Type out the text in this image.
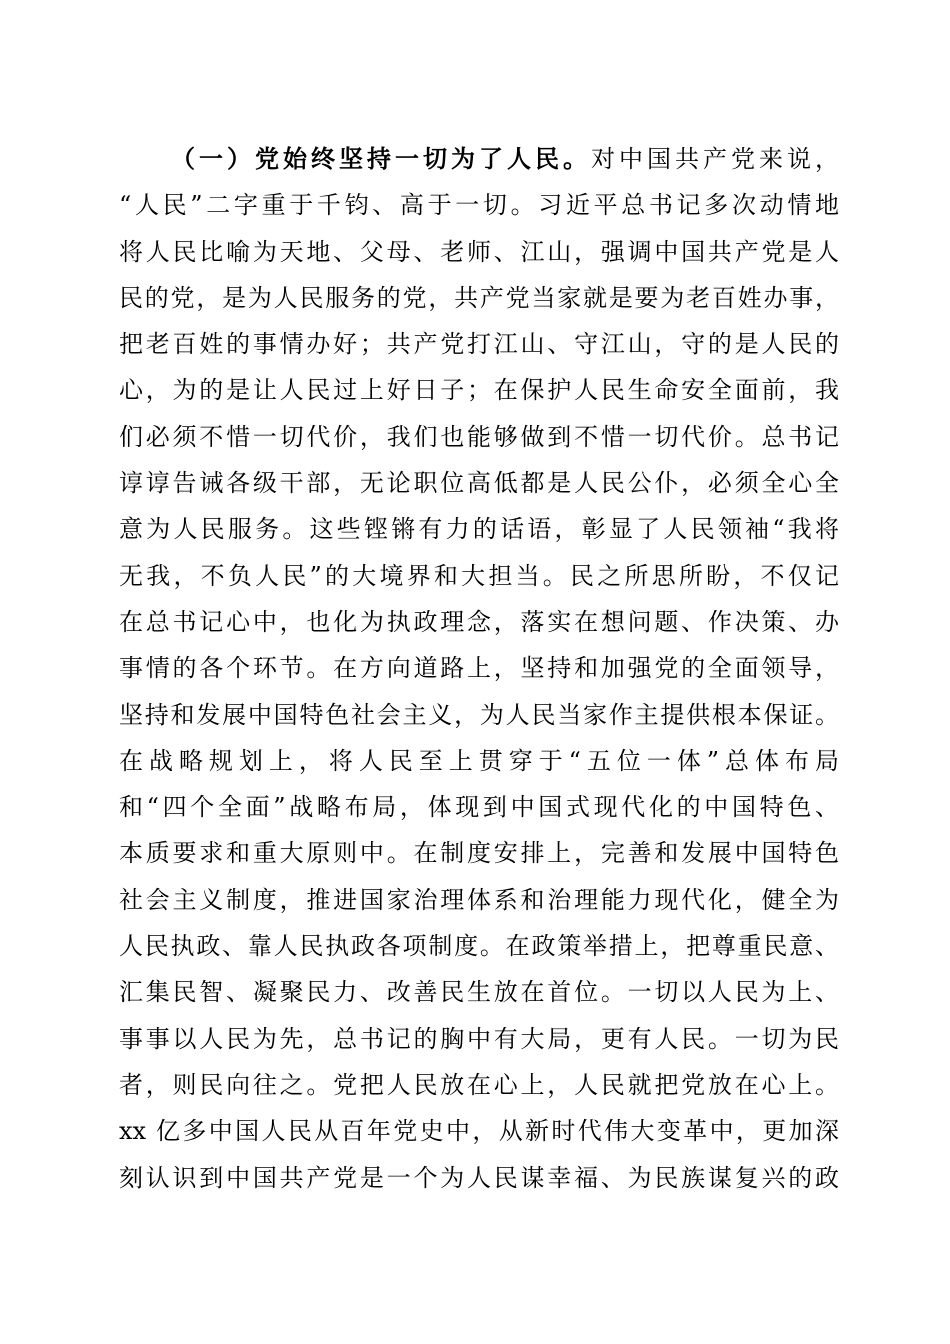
（一）党始终坚持一切为了人民。对中国共产党来说，
“人民”二字重于千钧、高于一切。习近平总书记多次动情地
将人民比喻为天地、父母、老师、江山，强调中国共产党是人
民的党，是为人民服务的党，共产党当家就是要为老百姓办事，
把老百姓的事情办好；共产党打江山、守江山，守的是人民的
心，为的是让人民过上好日子；在保护人民生命安全面前，我
们必须不惜一切代价，我们也能够做到不惜一切代价。总书记
谆谆告诫各级干部，无论职位高低都是人民公仆，必须全心全
意为人民服务。这些铿锵有力的话语，彰显了人民领袖“我将
无我，不负人民”的大境界和大担当。民之所思所盼，不仅记
在总书记心中，也化为执政理念，落实在想问题、作决策、办
事情的各个环节。在方向道路上，坚持和加强党的全面领导，
坚持和发展中国特色社会主义，为人民当家作主提供根本保证。
在战略规划上，将人民至上贯穿于“五位一体”总体布局
和“四个全面”战略布局，体现到中国式现代化的中国特色、
本质要求和重大原则中。在制度安排上，完善和发展中国特色
社会主义制度，推进国家治理体系和治理能力现代化，健全为
人民执政、靠人民执政各项制度。在政策举措上，把尊重民意、
汇集民智、凝聚民力、改善民生放在首位。一切以人民为上、
事事以人民为先，总书记的胸中有大局，更有人民。一切为民
者，则民向往之。党把人民放在心上，人民就把党放在心上。
xx 亿多中国人民从百年党史中，从新时代伟大变革中，更加深
刻认识到中国共产党是一个为人民谋幸福、为民族谋复兴的政
